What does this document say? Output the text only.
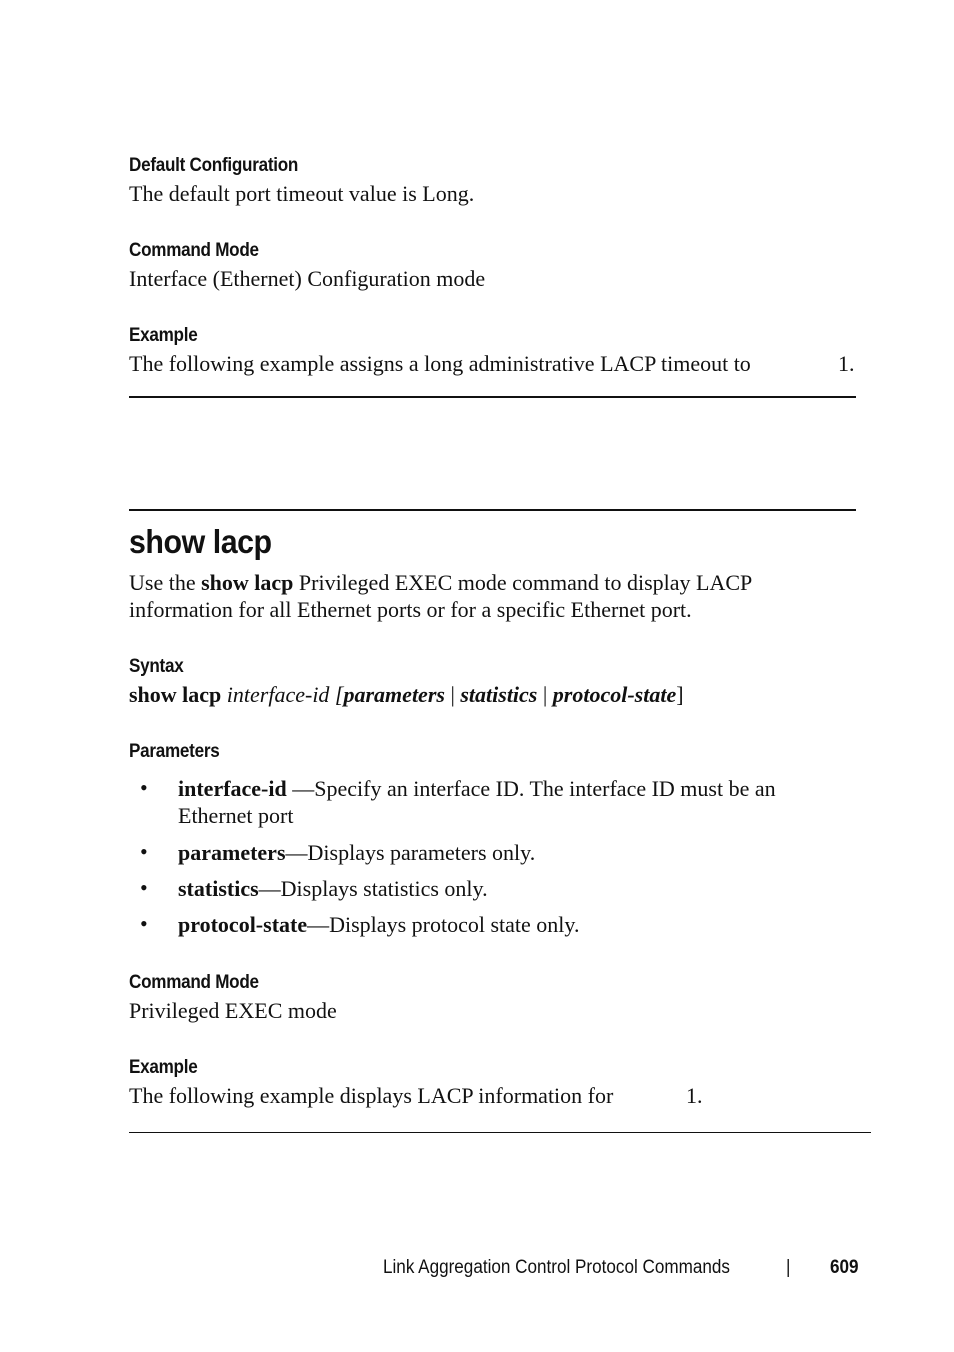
Default Configuration
The default port timeout value is Long.
Command Mode
Interface (Ethernet) Configuration mode
Example
The following example assigns a long administrative LACP timeout to	1.
show lacp
Use the show lacp Privileged EXEC mode command to display LACP
information for all Ethernet ports or for a specific Ethernet port.
Syntax
show lacp interface-id [parameters | statistics | protocol-state]
Parameters
• interface-id —Specify an interface ID. The interface ID must be an
Ethernet port
• parameters—Displays parameters only.
• statistics—Displays statistics only.
• protocol-state—Displays protocol state only.
Command Mode
Privileged EXEC mode
Example
The following example displays LACP information for	1.
Link Aggregation Control Protocol Commands	| 609
